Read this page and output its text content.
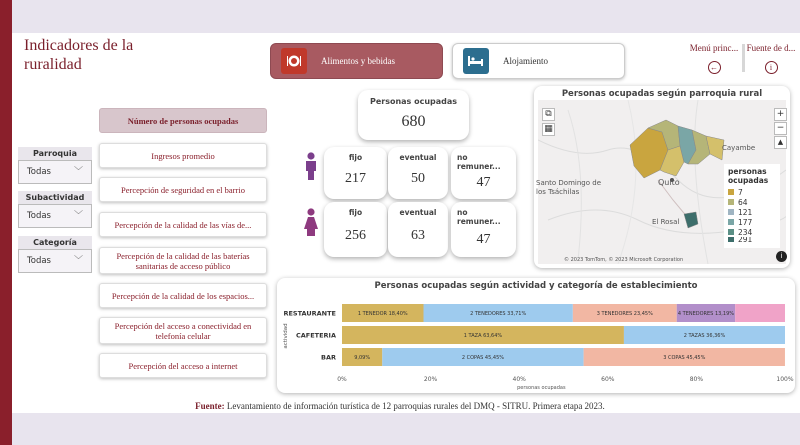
Indicadores de la ruralidad	Alimentos y bebidas	Alojamiento
Menú princ...
←
Fuente de d...
i
Parroquia
Todas	﹀
Subactividad
Todas	﹀
Categoría
Todas	﹀
Número de personas ocupadas
Ingresos promedio
Percepción de seguridad en el barrio
Percepción de la calidad de las vías de...
Percepción de la calidad de las baterías sanitarias de acceso público
Percepción de la calidad de los espacios...
Percepción del acceso a conectividad en telefonía celular
Percepción del acceso a internet
Personas ocupadas
680
fijo
217
eventual
50
no remuner...
47
fijo
256
eventual
63
no remuner...
47
Personas ocupadas según parroquia rural
Santo Domingo de los Tsáchilas
Quito
Cayambe
El Rosal
© 2023 TomTom, © 2023 Microsoft Corporation
⧉
▦
+
−
▲
i
personas ocupadas
7
64
121
177
234
291
Personas ocupadas según actividad y categoría de establecimiento
actividad
RESTAURANTE	1 TENEDOR 18,40%	2 TENEDORES 33,71%	3 TENEDORES 23,45%	4 TENEDORES 13,19%
CAFETERIA	1 TAZA 63,64%	2 TAZAS 36,36%
BAR	9,09%	2 COPAS 45,45%	3 COPAS 45,45%
0%	20%	40%	60%	80%	100%
personas ocupadas
Fuente: Levantamiento de información turística de 12 parroquias rurales del DMQ - SITRU. Primera etapa 2023.
